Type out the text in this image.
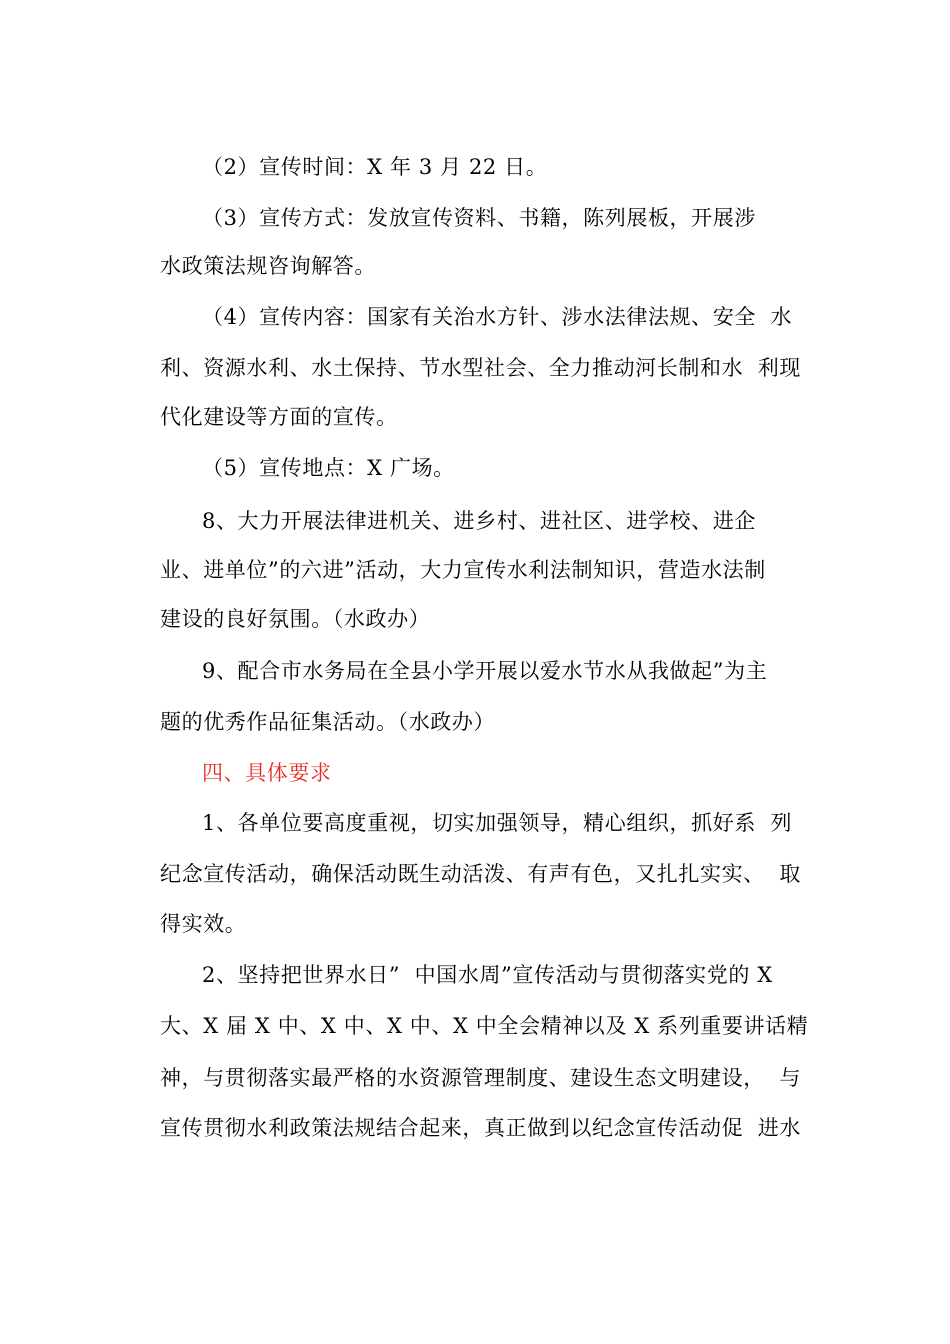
（2）宣传时间：X 年 3 月 22 日。
（3）宣传方式：发放宣传资料、书籍，陈列展板，开展涉
水政策法规咨询解答。
（4）宣传内容：国家有关治水方针、涉水法律法规、安全  水
利、资源水利、水土保持、节水型社会、全力推动河长制和水  利现
代化建设等方面的宣传。
（5）宣传地点：X 广场。
8、大力开展法律进机关、进乡村、进社区、进学校、进企
业、进单位”的六进”活动，大力宣传水利法制知识，营造水法制
建设的良好氛围。（水政办）
9、配合市水务局在全县小学开展以爱水节水从我做起”为主
题的优秀作品征集活动。（水政办）
四、具体要求
1、各单位要高度重视，切实加强领导，精心组织，抓好系  列
纪念宣传活动，确保活动既生动活泼、有声有色，又扎扎实实、  取
得实效。
2、坚持把世界水日”  中国水周”宣传活动与贯彻落实党的 X
大、X 届 X 中、X 中、X 中、X 中全会精神以及 X 系列重要讲话精
神，与贯彻落实最严格的水资源管理制度、建设生态文明建设，  与
宣传贯彻水利政策法规结合起来，真正做到以纪念宣传活动促  进水
